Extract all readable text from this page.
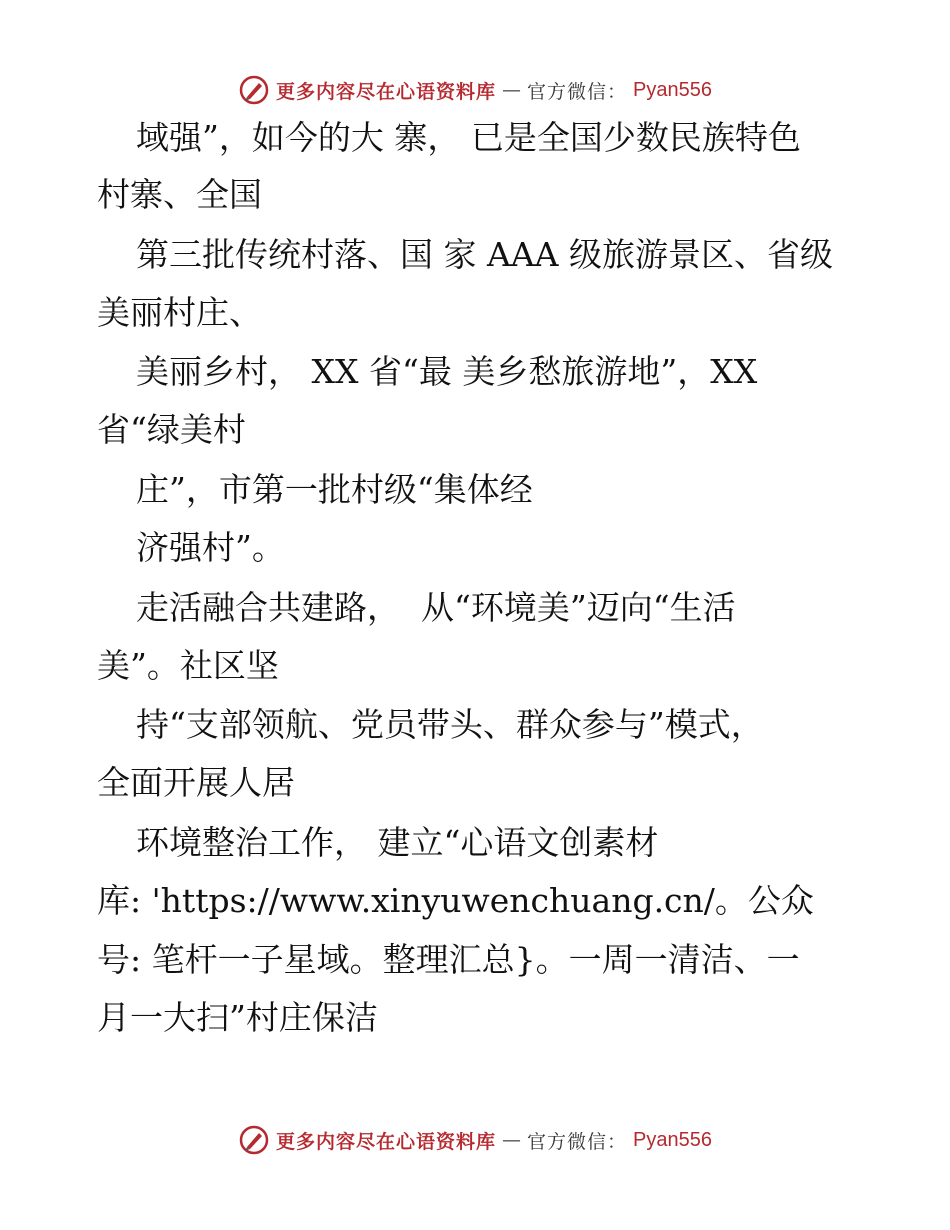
更多内容尽在心语资料库 — 官方微信： Pyan556
域强”，如今的大 寨， 已是全国少数民族特色
村寨、全国
第三批传统村落、国 家 AAA 级旅游景区、省级
美丽村庄、
美丽乡村， XX 省“最 美乡愁旅游地”，XX
省“绿美村
庄”，市第一批村级“集体经
济强村”。
走活融合共建路，  从“环境美”迈向“生活
美”。社区坚
持“支部领航、党员带头、群众参与”模式，
全面开展人居
环境整治工作， 建立“心语文创素材
库: 'https://www.xinyuwenchuang.cn/。公众
号: 笔杆一子星域。整理汇总}。一周一清洁、一
月一大扫”村庄保洁
更多内容尽在心语资料库 — 官方微信： Pyan556
